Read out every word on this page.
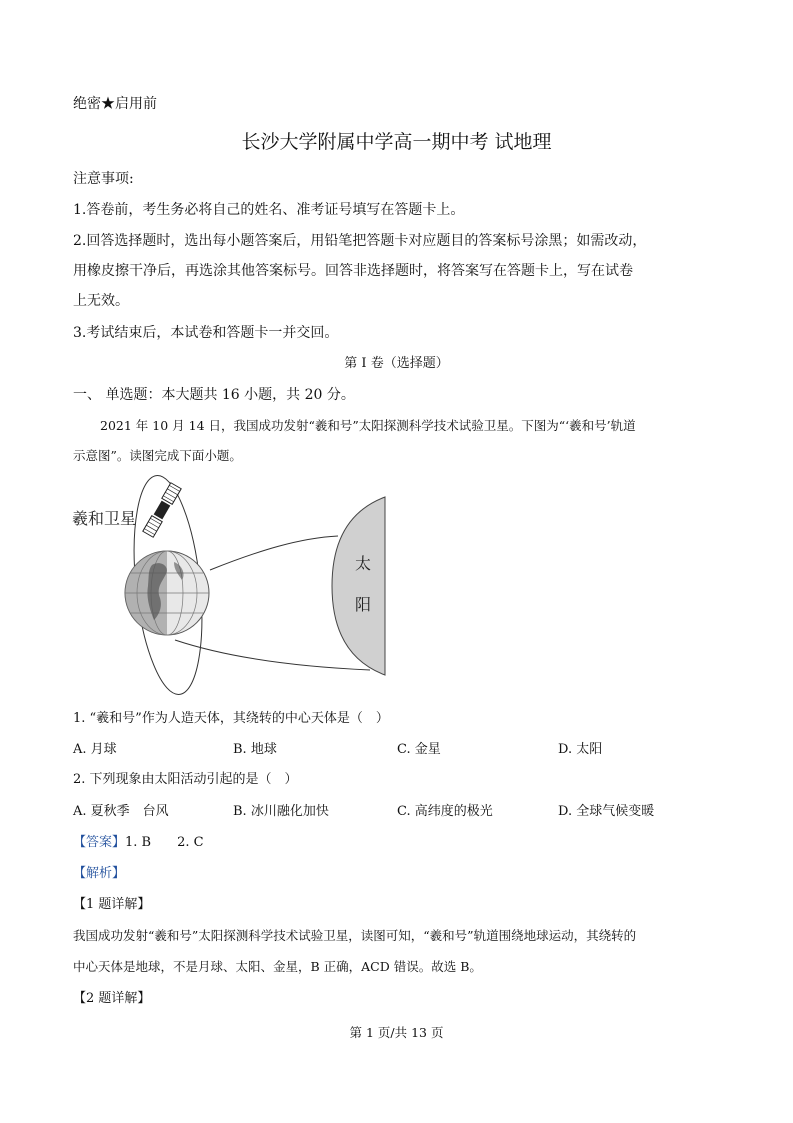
绝密★启用前
长沙大学附属中学高一期中考 试地理
注意事项:
1.答卷前，考生务必将自己的姓名、准考证号填写在答题卡上。
2.回答选择题时，选出每小题答案后，用铅笔把答题卡对应题目的答案标号涂黑；如需改动，
用橡皮擦干净后，再选涂其他答案标号。回答非选择题时，将答案写在答题卡上，写在试卷
上无效。
3.考试结束后，本试卷和答题卡一并交回。
第 I 卷（选择题）
一、 单选题：本大题共 16 小题，共 20 分。
2021 年 10 月 14 日，我国成功发射“羲和号”太阳探测科学技术试验卫星。下图为“‘羲和号’轨道
示意图”。读图完成下面小题。
太
阳
羲和卫星
1. “羲和号”作为人造天体，其绕转的中心天体是（　）
A. 月球	B. 地球	C. 金星	D. 太阳
2. 下列现象由太阳活动引起的是（　）
A. 夏秋季　台风	B. 冰川融化加快	C. 高纬度的极光	D. 全球气候变暖
【答案】1. B　　2. C
【解析】
【1 题详解】
我国成功发射“羲和号”太阳探测科学技术试验卫星，读图可知，“羲和号”轨道围绕地球运动，其绕转的
中心天体是地球，不是月球、太阳、金星，B 正确，ACD 错误。故选 B。
【2 题详解】
第 1 页/共 13 页
